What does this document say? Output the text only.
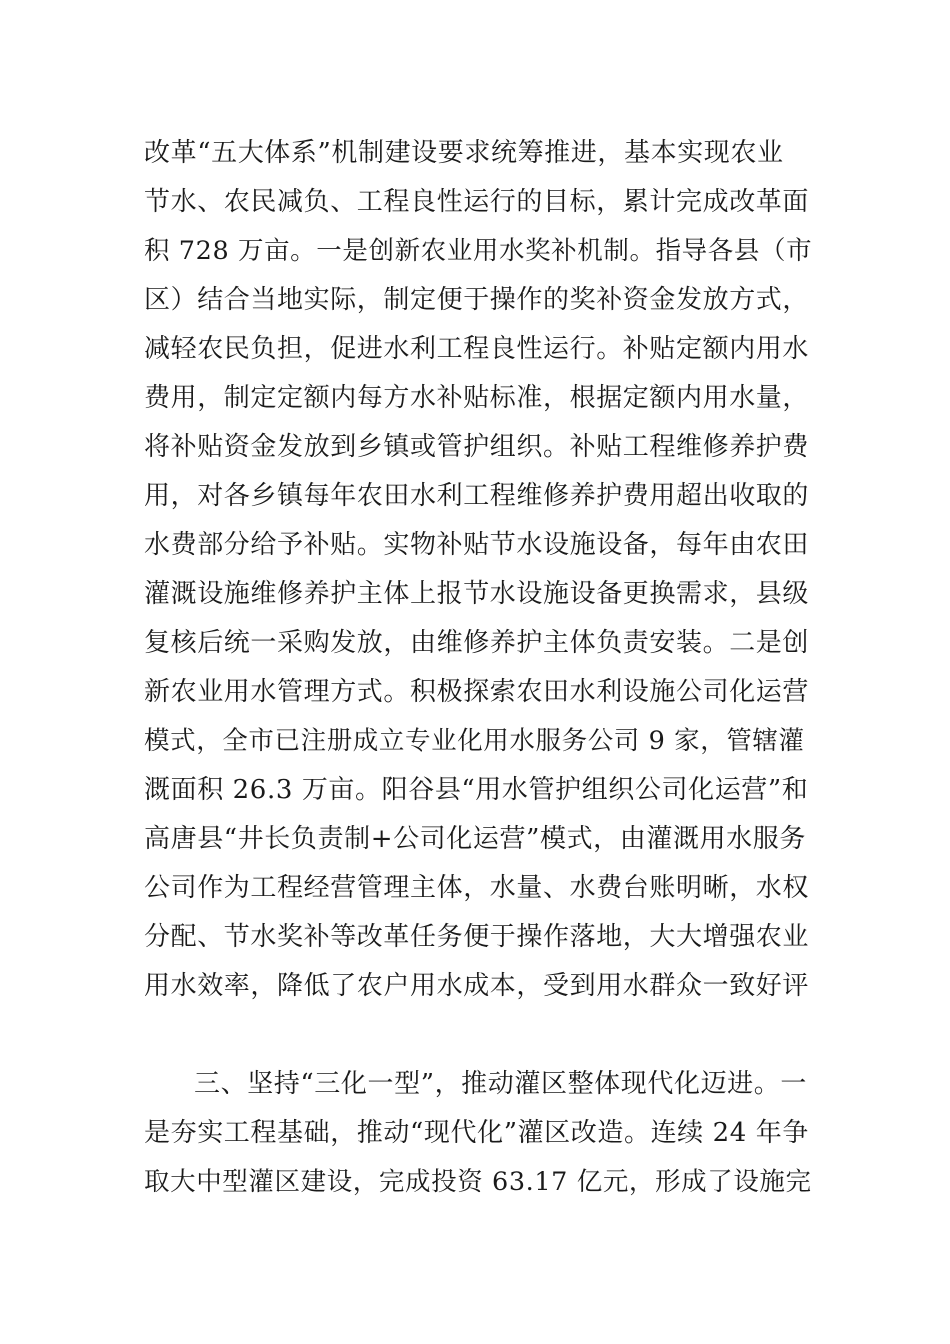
改革“五大体系”机制建设要求统筹推进，基本实现农业
节水、农民减负、工程良性运行的目标，累计完成改革面
积 728 万亩。一是创新农业用水奖补机制。指导各县（市
区）结合当地实际，制定便于操作的奖补资金发放方式，
减轻农民负担，促进水利工程良性运行。补贴定额内用水
费用，制定定额内每方水补贴标准，根据定额内用水量，
将补贴资金发放到乡镇或管护组织。补贴工程维修养护费
用，对各乡镇每年农田水利工程维修养护费用超出收取的
水费部分给予补贴。实物补贴节水设施设备，每年由农田
灌溉设施维修养护主体上报节水设施设备更换需求，县级
复核后统一采购发放，由维修养护主体负责安装。二是创
新农业用水管理方式。积极探索农田水利设施公司化运营
模式，全市已注册成立专业化用水服务公司 9 家，管辖灌
溉面积 26.3 万亩。阳谷县“用水管护组织公司化运营”和
高唐县“井长负责制+公司化运营”模式，由灌溉用水服务
公司作为工程经营管理主体，水量、水费台账明晰，水权
分配、节水奖补等改革任务便于操作落地，大大增强农业
用水效率，降低了农户用水成本，受到用水群众一致好评
三、坚持“三化一型”，推动灌区整体现代化迈进。一
是夯实工程基础，推动“现代化”灌区改造。连续 24 年争
取大中型灌区建设，完成投资 63.17 亿元，形成了设施完
